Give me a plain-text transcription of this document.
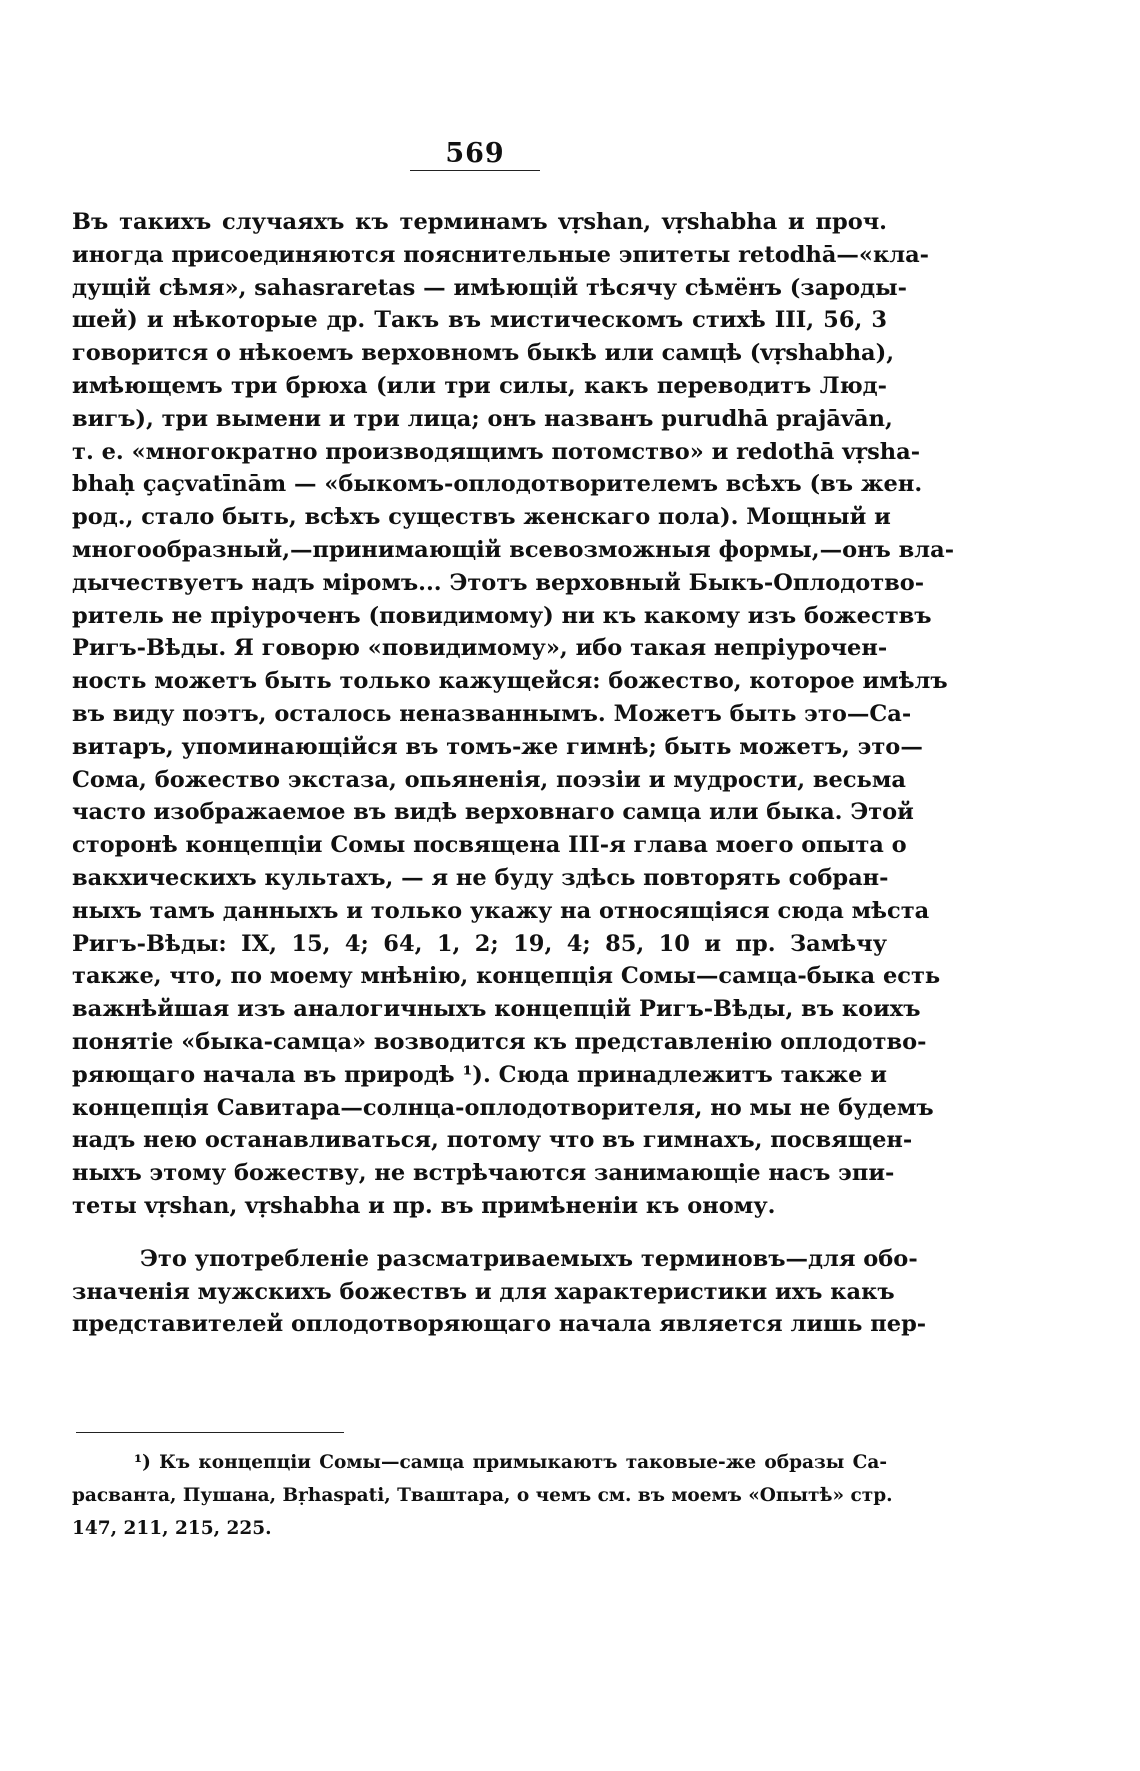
569
Въ такихъ случаяхъ къ терминамъ vṛshan, vṛshabha и проч.
иногда присоединяются пояснительные эпитеты retodhā—«кла-
дущій сѣмя», sahasraretas — имѣющій тѣсячу сѣмёнъ (зароды-
шей) и нѣкоторые др. Такъ въ мистическомъ стихѣ III, 56, 3
говорится о нѣкоемъ верховномъ быкѣ или самцѣ (vṛshabha),
имѣющемъ три брюха (или три силы, какъ переводитъ Люд-
вигъ), три вымени и три лица; онъ названъ purudhā prajāvān,
т. е. «многократно производящимъ потомство» и redothā vṛsha-
bhaḥ çaçvatīnām — «быкомъ-оплодотворителемъ всѣхъ (въ жен.
род., стало быть, всѣхъ существъ женскаго пола). Мощный и
многообразный,—принимающій всевозможныя формы,—онъ вла-
дычествуетъ надъ міромъ... Этотъ верховный Быкъ-Оплодотво-
ритель не пріуроченъ (повидимому) ни къ какому изъ божествъ
Ригъ-Вѣды. Я говорю «повидимому», ибо такая непріурочен-
ность можетъ быть только кажущейся: божество, которое имѣлъ
въ виду поэтъ, осталось неназваннымъ. Можетъ быть это—Са-
витаръ, упоминающійся въ томъ-же гимнѣ; быть можетъ, это—
Сома, божество экстаза, опьяненія, поэзіи и мудрости, весьма
часто изображаемое въ видѣ верховнаго самца или быка. Этой
сторонѣ концепціи Сомы посвящена III-я глава моего опыта о
вакхическихъ культахъ, — я не буду здѣсь повторять собран-
ныхъ тамъ данныхъ и только укажу на относящіяся сюда мѣста
Ригъ-Вѣды: IX, 15, 4; 64, 1, 2; 19, 4; 85, 10 и пр. Замѣчу
также, что, по моему мнѣнію, концепція Сомы—самца-быка есть
важнѣйшая изъ аналогичныхъ концепцій Ригъ-Вѣды, въ коихъ
понятіе «быка-самца» возводится къ представленію оплодотво-
ряющаго начала въ природѣ ¹). Сюда принадлежитъ также и
концепція Савитара—солнца-оплодотворителя, но мы не будемъ
надъ нею останавливаться, потому что въ гимнахъ, посвящен-
ныхъ этому божеству, не встрѣчаются занимающіе насъ эпи-
теты vṛshan, vṛshabha и пр. въ примѣненіи къ оному.
Это употребленіе разсматриваемыхъ терминовъ—для обо-
значенія мужскихъ божествъ и для характеристики ихъ какъ
представителей оплодотворяющаго начала является лишь пер-
¹) Къ концепціи Сомы—самца примыкаютъ таковые-же образы Са-
расванта, Пушана, Bṛhaspati, Тваштара, о чемъ см. въ моемъ «Опытѣ» стр.
147, 211, 215, 225.
